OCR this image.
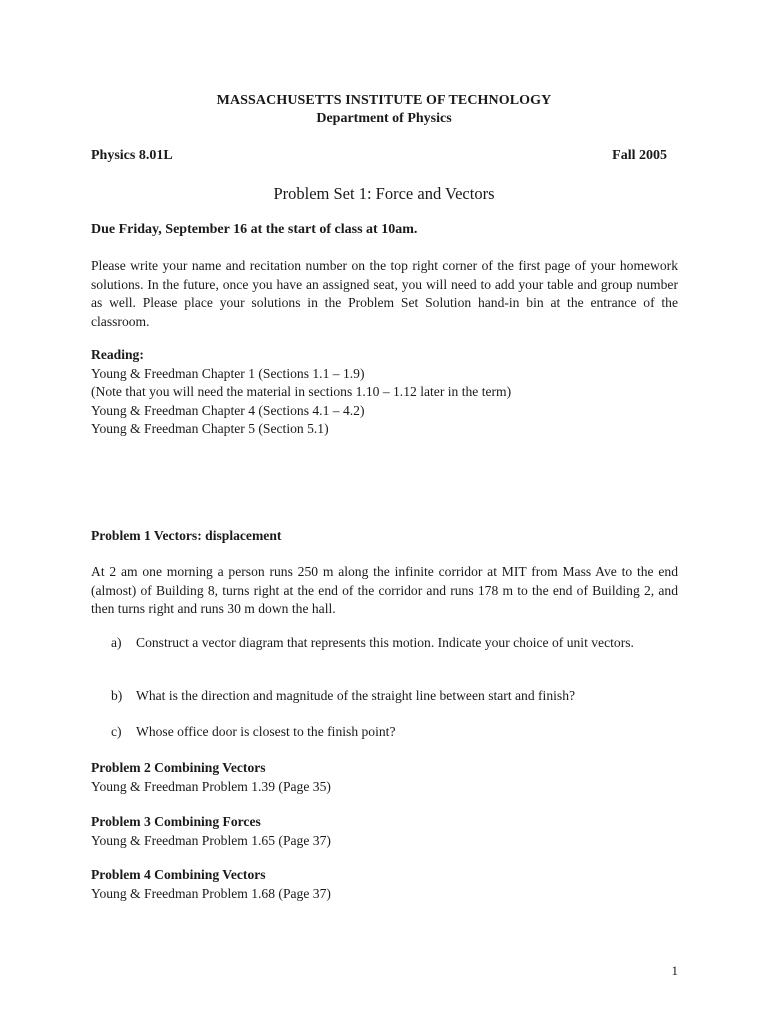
MASSACHUSETTS INSTITUTE OF TECHNOLOGY
Department of Physics
Physics 8.01L	Fall 2005
Problem Set 1: Force and Vectors
Due Friday, September 16 at the start of class at 10am.
Please write your name and recitation number on the top right corner of the first page of your homework solutions. In the future, once you have an assigned seat, you will need to add your table and group number as well. Please place your solutions in the Problem Set Solution hand-in bin at the entrance of the classroom.
Reading:
Young & Freedman Chapter 1 (Sections 1.1 – 1.9)
(Note that you will need the material in sections 1.10 – 1.12 later in the term)
Young & Freedman Chapter 4 (Sections 4.1 – 4.2)
Young & Freedman Chapter 5 (Section 5.1)
Problem 1 Vectors: displacement
At 2 am one morning a person runs 250 m along the infinite corridor at MIT from Mass Ave to the end (almost) of Building 8, turns right at the end of the corridor and runs 178 m to the end of Building 2, and then turns right and runs 30 m down the hall.
a) Construct a vector diagram that represents this motion. Indicate your choice of unit vectors.
b) What is the direction and magnitude of the straight line between start and finish?
c) Whose office door is closest to the finish point?
Problem 2 Combining Vectors
Young & Freedman Problem 1.39 (Page 35)
Problem 3 Combining Forces
Young & Freedman Problem 1.65 (Page 37)
Problem 4 Combining Vectors
Young & Freedman Problem 1.68 (Page 37)
1
